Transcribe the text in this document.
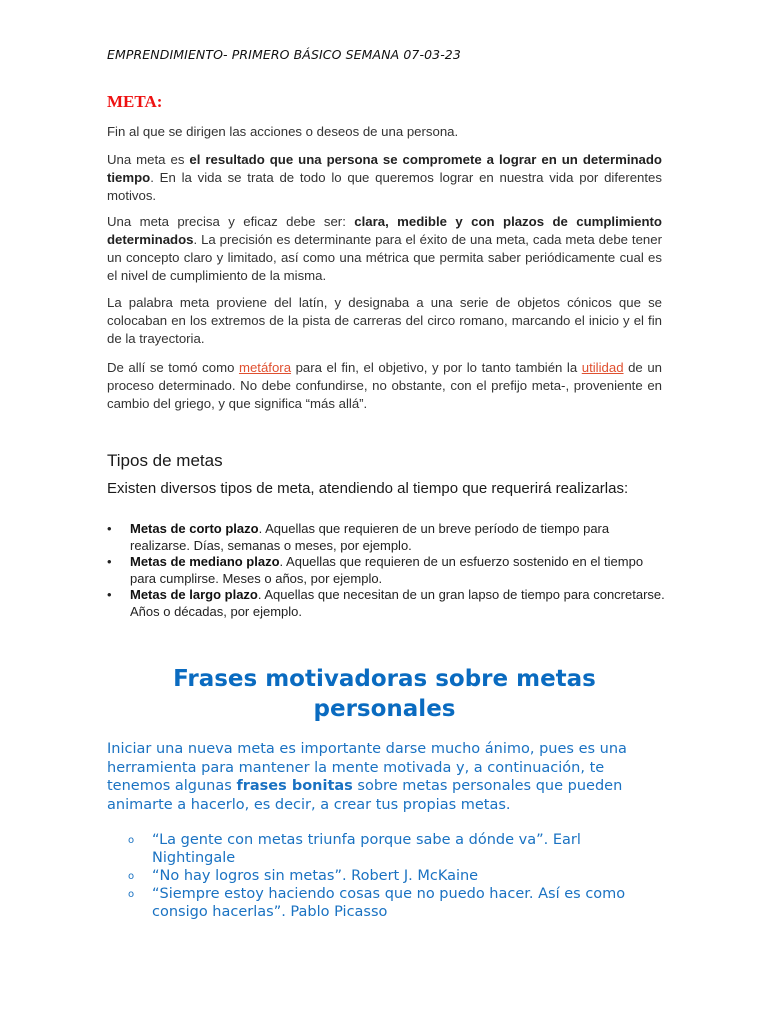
EMPRENDIMIENTO- PRIMERO BÁSICO SEMANA 07-03-23
META:
Fin al que se dirigen las acciones o deseos de una persona.
Una meta es el resultado que una persona se compromete a lograr en un determinado tiempo. En la vida se trata de todo lo que queremos lograr en nuestra vida por diferentes motivos.
Una meta precisa y eficaz debe ser: clara, medible y con plazos de cumplimiento determinados. La precisión es determinante para el éxito de una meta, cada meta debe tener un concepto claro y limitado, así como una métrica que permita saber periódicamente cual es el nivel de cumplimiento de la misma.
La palabra meta proviene del latín, y designaba a una serie de objetos cónicos que se colocaban en los extremos de la pista de carreras del circo romano, marcando el inicio y el fin de la trayectoria.
De allí se tomó como metáfora para el fin, el objetivo, y por lo tanto también la utilidad de un proceso determinado. No debe confundirse, no obstante, con el prefijo meta-, proveniente en cambio del griego, y que significa “más allá”.
Tipos de metas
Existen diversos tipos de meta, atendiendo al tiempo que requerirá realizarlas:
• Metas de corto plazo. Aquellas que requieren de un breve período de tiempo para realizarse. Días, semanas o meses, por ejemplo.
• Metas de mediano plazo. Aquellas que requieren de un esfuerzo sostenido en el tiempo para cumplirse. Meses o años, por ejemplo.
• Metas de largo plazo. Aquellas que necesitan de un gran lapso de tiempo para concretarse. Años o décadas, por ejemplo.
Frases motivadoras sobre metas personales
Iniciar una nueva meta es importante darse mucho ánimo, pues es una herramienta para mantener la mente motivada y, a continuación, te tenemos algunas frases bonitas sobre metas personales que pueden animarte a hacerlo, es decir, a crear tus propias metas.
o “La gente con metas triunfa porque sabe a dónde va”. Earl Nightingale
o “No hay logros sin metas”. Robert J. McKaine
o “Siempre estoy haciendo cosas que no puedo hacer. Así es como consigo hacerlas”. Pablo Picasso
